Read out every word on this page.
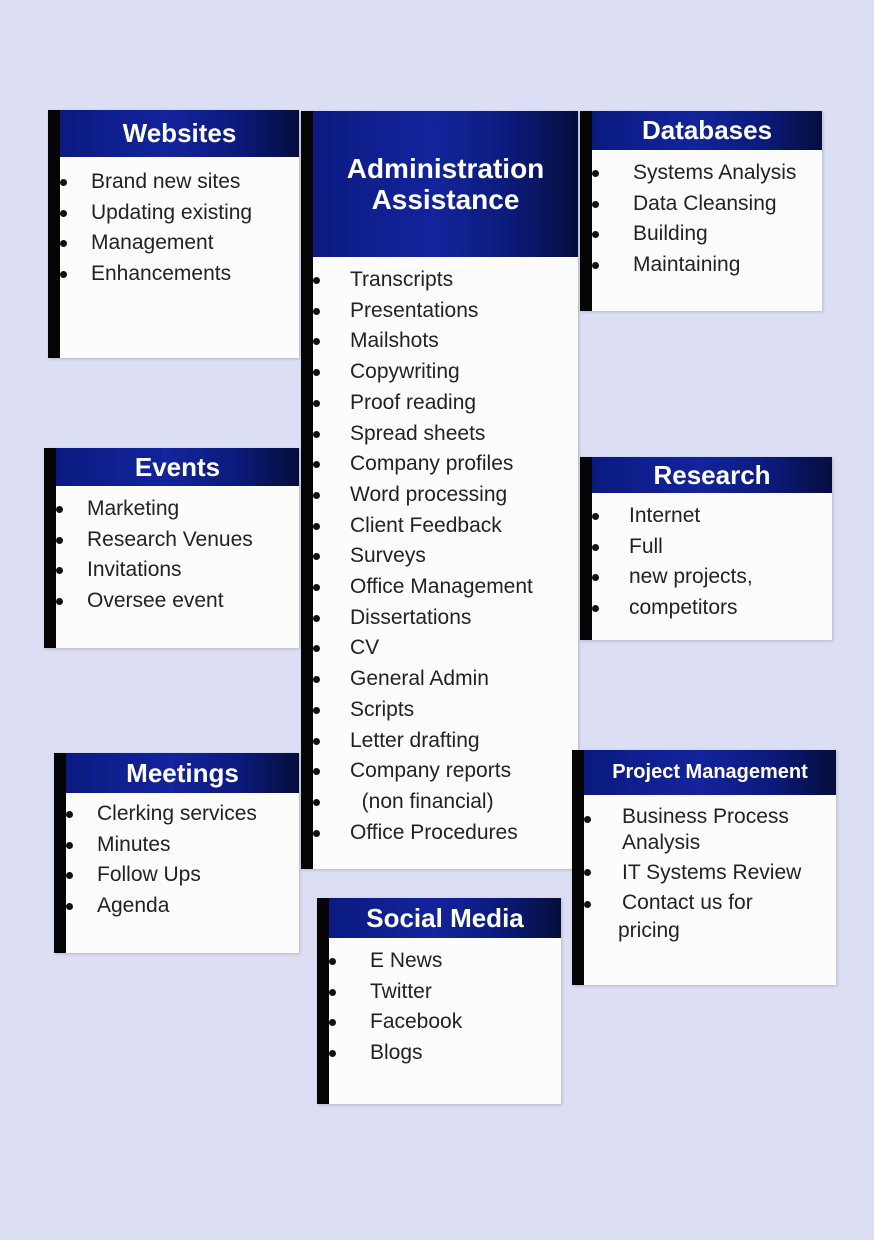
Websites
Brand new sites
Updating existing
Management
Enhancements
Administration
Assistance
Transcripts
Presentations
Mailshots
Copywriting
Proof reading
Spread sheets
Company profiles
Word processing
Client Feedback
Surveys
Office Management
Dissertations
CV
General Admin
Scripts
Letter drafting
Company reports
(non financial)
Office Procedures
Databases
Systems Analysis
Data Cleansing
Building
Maintaining
Events
Marketing
Research Venues
Invitations
Oversee event
Research
Internet
Full
new projects,
competitors
Meetings
Clerking services
Minutes
Follow Ups
Agenda
Project Management
Business Process
Analysis
IT Systems Review
Contact us for
pricing
Social Media
E News
Twitter
Facebook
Blogs
